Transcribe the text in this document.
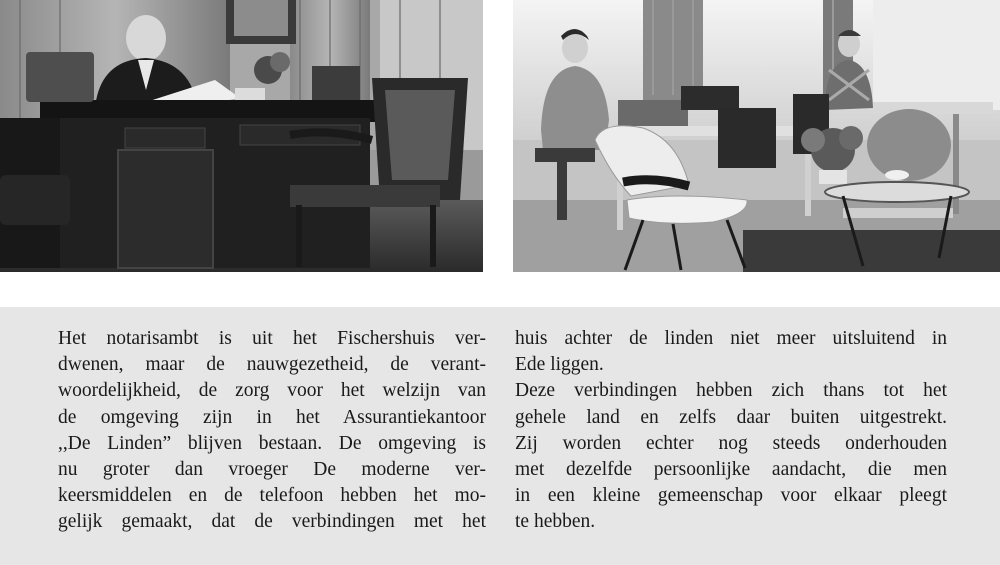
Het notarisambt is uit het Fischershuis ver-
dwenen, maar de nauwgezetheid, de verant-
woordelijkheid, de zorg voor het welzijn van
de omgeving zijn in het Assurantiekantoor
,,De Linden” blijven bestaan. De omgeving is
nu groter dan vroeger De moderne ver-
keersmiddelen en de telefoon hebben het mo-
gelijk gemaakt, dat de verbindingen met het
huis achter de linden niet meer uitsluitend in
Ede liggen.
Deze verbindingen hebben zich thans tot het
gehele land en zelfs daar buiten uitgestrekt.
Zij worden echter nog steeds onderhouden
met dezelfde persoonlijke aandacht, die men
in een kleine gemeenschap voor elkaar pleegt
te hebben.
